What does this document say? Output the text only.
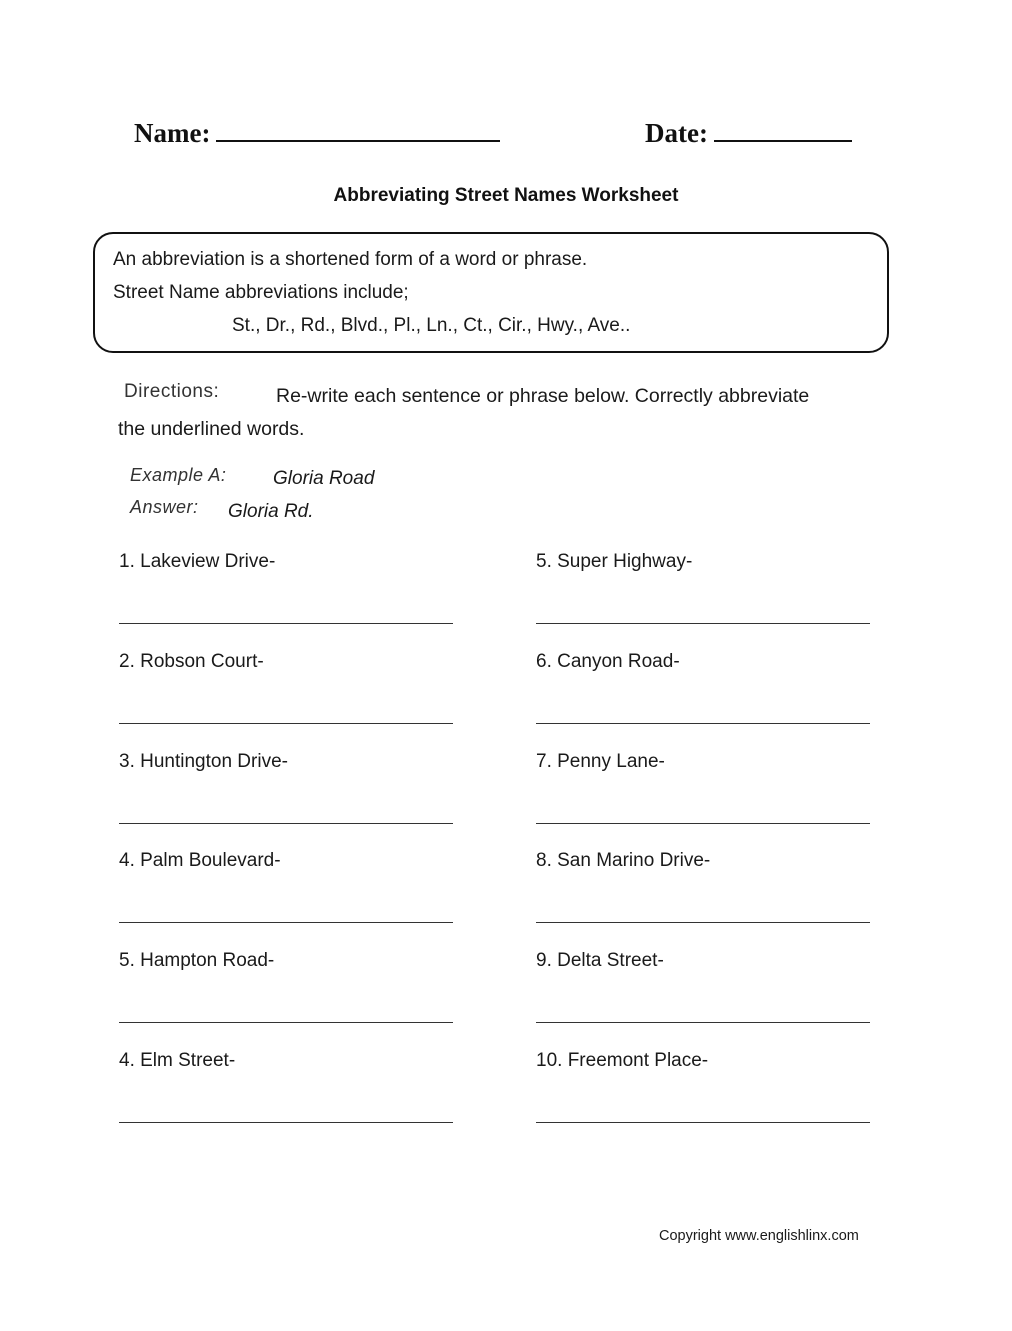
Name:	Date:
Abbreviating Street Names Worksheet
An abbreviation is a shortened form of a word or phrase.
Street Name abbreviations include;
St., Dr., Rd., Blvd., Pl., Ln., Ct., Cir., Hwy., Ave..
Directions:	Re-write each sentence or phrase below. Correctly abbreviate
the underlined words.
Example A: Gloria Road
Answer: Gloria Rd.
1. Lakeview Drive-
2. Robson Court-
3. Huntington Drive-
4. Palm Boulevard-
5. Hampton Road-
4. Elm Street-
5. Super Highway-
6. Canyon Road-
7. Penny Lane-
8. San Marino Drive-
9. Delta Street-
10. Freemont Place-
Copyright www.englishlinx.com
